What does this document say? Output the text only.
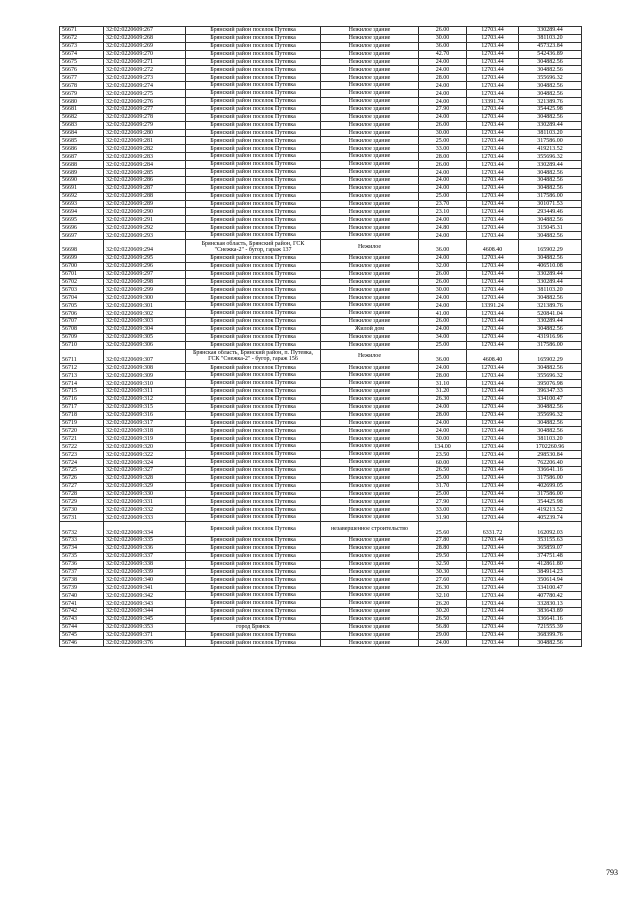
56671	32:02:0220609:267	Брянский район поселок Путевка	Нежилое здание	26.00	12703.44	330289.44
56672	32:02:0220609:268	Брянский район поселок Путевка	Нежилое здание	30.00	12703.44	381103.20
56673	32:02:0220609:269	Брянский район поселок Путевка	Нежилое здание	36.00	12703.44	457323.84
56674	32:02:0220609:270	Брянский район поселок Путевка	Нежилое здание	42.70	12703.44	542436.89
56675	32:02:0220609:271	Брянский район поселок Путевка	Нежилое здание	24.00	12703.44	304882.56
56676	32:02:0220609:272	Брянский район поселок Путевка	Нежилое здание	24.00	12703.44	304882.56
56677	32:02:0220609:273	Брянский район поселок Путевка	Нежилое здание	28.00	12703.44	355696.32
56678	32:02:0220609:274	Брянский район поселок Путевка	Нежилое здание	24.00	12703.44	304882.56
56679	32:02:0220609:275	Брянский район поселок Путевка	Нежилое здание	24.00	12703.44	304882.56
56680	32:02:0220609:276	Брянский район поселок Путевка	Нежилое здание	24.00	13391.74	321389.76
56681	32:02:0220609:277	Брянский район поселок Путевка	Нежилое здание	27.90	12703.44	354425.98
56682	32:02:0220609:278	Брянский район поселок Путевка	Нежилое здание	24.00	12703.44	304882.56
56683	32:02:0220609:279	Брянский район поселок Путевка	Нежилое здание	26.00	12703.44	330289.44
56684	32:02:0220609:280	Брянский район поселок Путевка	Нежилое здание	30.00	12703.44	381103.20
56685	32:02:0220609:281	Брянский район поселок Путевка	Нежилое здание	25.00	12703.44	317586.00
56686	32:02:0220609:282	Брянский район поселок Путевка	Нежилое здание	33.00	12703.44	419213.52
56687	32:02:0220609:283	Брянский район поселок Путевка	Нежилое здание	28.00	12703.44	355696.32
56688	32:02:0220609:284	Брянский район поселок Путевка	Нежилое здание	26.00	12703.44	330289.44
56689	32:02:0220609:285	Брянский район поселок Путевка	Нежилое здание	24.00	12703.44	304882.56
56690	32:02:0220609:286	Брянский район поселок Путевка	Нежилое здание	24.00	12703.44	304882.56
56691	32:02:0220609:287	Брянский район поселок Путевка	Нежилое здание	24.00	12703.44	304882.56
56692	32:02:0220609:288	Брянский район поселок Путевка	Нежилое здание	25.00	12703.44	317586.00
56693	32:02:0220609:289	Брянский район поселок Путевка	Нежилое здание	23.70	12703.44	301071.53
56694	32:02:0220609:290	Брянский район поселок Путевка	Нежилое здание	23.10	12703.44	293449.46
56695	32:02:0220609:291	Брянский район поселок Путевка	Нежилое здание	24.00	12703.44	304882.56
56696	32:02:0220609:292	Брянский район поселок Путевка	Нежилое здание	24.80	12703.44	315045.31
56697	32:02:0220609:293	Брянский район поселок Путевка	Нежилое здание	24.00	12703.44	304882.56
56698	32:02:0220609:294	Брянская область, Брянский район, ГСК "Снежка-2" - бугор, гараж 137	Нежилое	36.00	4608.40	165902.29
56699	32:02:0220609:295	Брянский район поселок Путевка	Нежилое здание	24.00	12703.44	304882.56
56700	32:02:0220609:296	Брянский район поселок Путевка	Нежилое здание	32.00	12703.44	406510.08
56701	32:02:0220609:297	Брянский район поселок Путевка	Нежилое здание	26.00	12703.44	330289.44
56702	32:02:0220609:298	Брянский район поселок Путевка	Нежилое здание	26.00	12703.44	330289.44
56703	32:02:0220609:299	Брянский район поселок Путевка	Нежилое здание	30.00	12703.44	381103.20
56704	32:02:0220609:300	Брянский район поселок Путевка	Нежилое здание	24.00	12703.44	304882.56
56705	32:02:0220609:301	Брянский район поселок Путевка	Нежилое здание	24.00	13391.24	321389.76
56706	32:02:0220609:302	Брянский район поселок Путевка	Нежилое здание	41.00	12703.44	520841.04
56707	32:02:0220609:303	Брянский район поселок Путевка	Нежилое здание	26.00	12703.44	330289.44
56708	32:02:0220609:304	Брянский район поселок Путевка	Жилой дом	24.00	12703.44	304882.56
56709	32:02:0220609:305	Брянский район поселок Путевка	Нежилое здание	34.00	12703.44	431916.96
56710	32:02:0220609:306	Брянский район поселок Путевка	Нежилое здание	25.00	12703.44	317586.00
56711	32:02:0220609:307	Брянская область, Брянский район, п. Путевка, ГСК "Снежка-2" - бугор, гараж 156	Нежилое	36.00	4608.40	165902.29
56712	32:02:0220609:308	Брянский район поселок Путевка	Нежилое здание	24.00	12703.44	304882.56
56713	32:02:0220609:309	Брянский район поселок Путевка	Нежилое здание	28.00	12703.44	355696.32
56714	32:02:0220609:310	Брянский район поселок Путевка	Нежилое здание	31.10	12703.44	395076.98
56715	32:02:0220609:311	Брянский район поселок Путевка	Нежилое здание	31.20	12703.44	396347.33
56716	32:02:0220609:312	Брянский район поселок Путевка	Нежилое здание	26.30	12703.44	334100.47
56717	32:02:0220609:315	Брянский район поселок Путевка	Нежилое здание	24.00	12703.44	304882.56
56718	32:02:0220609:316	Брянский район поселок Путевка	Нежилое здание	28.00	12703.44	355696.32
56719	32:02:0220609:317	Брянский район поселок Путевка	Нежилое здание	24.00	12703.44	304882.56
56720	32:02:0220609:318	Брянский район поселок Путевка	Нежилое здание	24.00	12703.44	304882.56
56721	32:02:0220609:319	Брянский район поселок Путевка	Нежилое здание	30.00	12703.44	381103.20
56722	32:02:0220609:320	Брянский район поселок Путевка	Нежилое здание	134.00	12703.44	1702260.96
56723	32:02:0220609:322	Брянский район поселок Путевка	Нежилое здание	23.50	12703.44	298530.84
56724	32:02:0220609:324	Брянский район поселок Путевка	Нежилое здание	60.00	12703.44	762206.40
56725	32:02:0220609:327	Брянский район поселок Путевка	Нежилое здание	26.50	12703.44	336641.16
56726	32:02:0220609:328	Брянский район поселок Путевка	Нежилое здание	25.00	12703.44	317586.00
56727	32:02:0220609:329	Брянский район поселок Путевка	Нежилое здание	31.70	12703.44	402699.05
56728	32:02:0220609:330	Брянский район поселок Путевка	Нежилое здание	25.00	12703.44	317586.00
56729	32:02:0220609:331	Брянский район поселок Путевка	Нежилое здание	27.90	12703.44	354425.98
56730	32:02:0220609:332	Брянский район поселок Путевка	Нежилое здание	33.00	12703.44	419213.52
56731	32:02:0220609:333	Брянский район поселок Путевка	Нежилое здание	31.90	12703.44	405239.74
56732	32:02:0220609:334	Брянский район поселок Путевка	незавершенное строительство	25.60	6331.72	162092.03
56733	32:02:0220609:335	Брянский район поселок Путевка	Нежилое здание	27.80	12703.44	353155.63
56734	32:02:0220609:336	Брянский район поселок Путевка	Нежилое здание	28.80	12703.44	365859.07
56735	32:02:0220609:337	Брянский район поселок Путевка	Нежилое здание	29.50	12703.44	374751.48
56736	32:02:0220609:338	Брянский район поселок Путевка	Нежилое здание	32.50	12703.44	412861.80
56737	32:02:0220609:339	Брянский район поселок Путевка	Нежилое здание	30.30	12703.44	384914.23
56738	32:02:0220609:340	Брянский район поселок Путевка	Нежилое здание	27.60	12703.44	350614.94
56739	32:02:0220609:341	Брянский район поселок Путевка	Нежилое здание	26.30	12703.44	334100.47
56740	32:02:0220609:342	Брянский район поселок Путевка	Нежилое здание	32.10	12703.44	407780.42
56741	32:02:0220609:343	Брянский район поселок Путевка	Нежилое здание	26.20	12703.44	332830.13
56742	32:02:0220609:344	Брянский район поселок Путевка	Нежилое здание	30.20	12703.44	383643.89
56743	32:02:0220609:345	Брянский район поселок Путевка	Нежилое здание	26.50	12703.44	336641.16
56744	32:02:0220609:353	город Брянск	Нежилое здание	56.80	12703.44	721555.39
56745	32:02:0220609:371	Брянский район поселок Путевка	Нежилое здание	29.00	12703.44	368399.76
56746	32:02:0220609:376	Брянский район поселок Путевка	Нежилое здание	24.00	12703.44	304882.56
793
